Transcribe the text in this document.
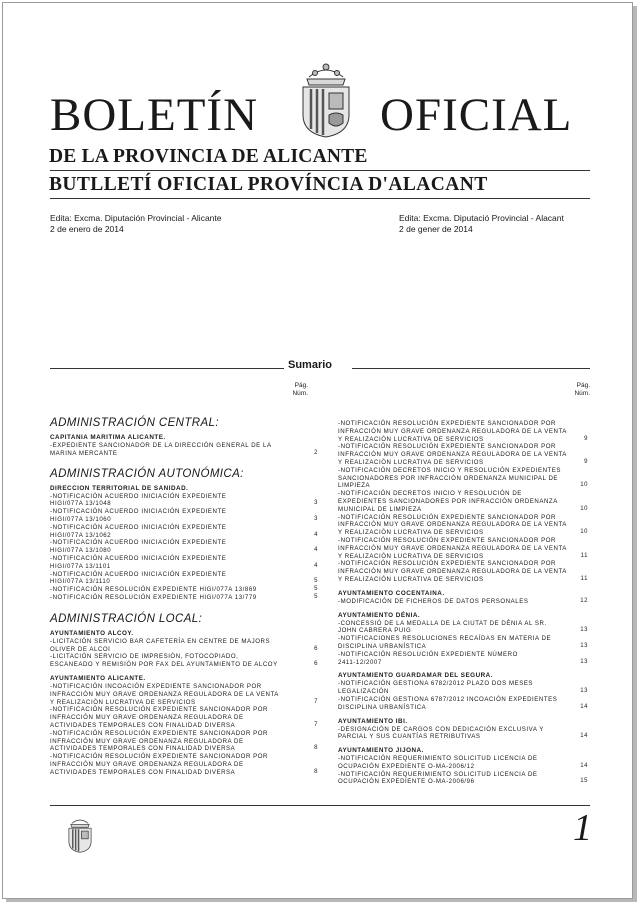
BOLETÍN	OFICIAL
DE LA PROVINCIA DE ALICANTE
BUTLLETÍ OFICIAL PROVÍNCIA D'ALACANT
Edita: Excma. Diputación Provincial - Alicante
2 de enero de 2014
Edita: Excma. Diputació Provincial - Alacant
2 de gener de 2014
Sumario
Pág.
Núm.
Pág.
Núm.
ADMINISTRACIÓN CENTRAL:
CAPITANIA MARITIMA ALICANTE.
-EXPEDIENTE SANCIONADOR DE LA DIRECCIÓN GENERAL DE LA
MARINA MERCANTE	2
ADMINISTRACIÓN AUTONÓMICA:
DIRECCION TERRITORIAL DE SANIDAD.
-NOTIFICACIÓN ACUERDO INICIACIÓN EXPEDIENTE
HIGI/077A 13/1048	3
-NOTIFICACIÓN ACUERDO INICIACIÓN EXPEDIENTE
HIGI/077A 13/1060	3
-NOTIFICACIÓN ACUERDO INICIACIÓN EXPEDIENTE
HIGI/077A 13/1062	4
-NOTIFICACIÓN ACUERDO INICIACIÓN EXPEDIENTE
HIGI/077A 13/1080	4
-NOTIFICACIÓN ACUERDO INICIACIÓN EXPEDIENTE
HIGI/077A 13/1101	4
-NOTIFICACIÓN ACUERDO INICIACIÓN EXPEDIENTE
HIGI/077A 13/1110	5
-NOTIFICACIÓN RESOLUCIÓN EXPEDIENTE HIGI/077A 13/869	5
-NOTIFICACIÓN RESOLUCIÓN EXPEDIENTE HIGI/077A 13/779	5
ADMINISTRACIÓN LOCAL:
AYUNTAMIENTO ALCOY.
-LICITACIÓN SERVICIO BAR CAFETERÍA EN CENTRE DE MAJORS
OLIVER DE ALCOI	6
-LICITACIÓN SERVICIO DE IMPRESIÓN, FOTOCOPIADO,
ESCANEADO Y REMISIÓN POR FAX DEL AYUNTAMIENTO DE ALCOY	6
AYUNTAMIENTO ALICANTE.
-NOTIFICACIÓN INCOACIÓN EXPEDIENTE SANCIONADOR POR
INFRACCIÓN MUY GRAVE ORDENANZA REGULADORA DE LA VENTA
Y REALIZACIÓN LUCRATIVA DE SERVICIOS	7
-NOTIFICACIÓN RESOLUCIÓN EXPEDIENTE SANCIONADOR POR
INFRACCIÓN MUY GRAVE ORDENANZA REGULADORA DE
ACTIVIDADES TEMPORALES CON FINALIDAD DIVERSA	7
-NOTIFICACIÓN RESOLUCIÓN EXPEDIENTE SANCIONADOR POR
INFRACCIÓN MUY GRAVE ORDENANZA REGULADORA DE
ACTIVIDADES TEMPORALES CON FINALIDAD DIVERSA	8
-NOTIFICACIÓN RESOLUCIÓN EXPEDIENTE SANCIONADOR POR
INFRACCIÓN MUY GRAVE ORDENANZA REGULADORA DE
ACTIVIDADES TEMPORALES CON FINALIDAD DIVERSA	8
-NOTIFICACIÓN RESOLUCIÓN EXPEDIENTE SANCIONADOR POR
INFRACCIÓN MUY GRAVE ORDENANZA REGULADORA DE LA VENTA
Y REALIZACIÓN LUCRATIVA DE SERVICIOS	9
-NOTIFICACIÓN RESOLUCIÓN EXPEDIENTE SANCIONADOR POR
INFRACCIÓN MUY GRAVE ORDENANZA REGULADORA DE LA VENTA
Y REALIZACIÓN LUCRATIVA DE SERVICIOS	9
-NOTIFICACIÓN DECRETOS INICIO Y RESOLUCIÓN EXPEDIENTES
SANCIONADORES POR INFRACCIÓN ORDENANZA MUNICIPAL DE
LIMPIEZA	10
-NOTIFICACIÓN DECRETOS INICIO Y RESOLUCIÓN DE
EXPEDIENTES SANCIONADORES POR INFRACCIÓN ORDENANZA
MUNICIPAL DE LIMPIEZA	10
-NOTIFICACIÓN RESOLUCIÓN EXPEDIENTE SANCIONADOR POR
INFRACCIÓN MUY GRAVE ORDENANZA REGULADORA DE LA VENTA
Y REALIZACIÓN LUCRATIVA DE SERVICIOS	10
-NOTIFICACIÓN RESOLUCIÓN EXPEDIENTE SANCIONADOR POR
INFRACCIÓN MUY GRAVE ORDENANZA REGULADORA DE LA VENTA
Y REALIZACIÓN LUCRATIVA DE SERVICIOS	11
-NOTIFICACIÓN RESOLUCIÓN EXPEDIENTE SANCIONADOR POR
INFRACCIÓN MUY GRAVE ORDENANZA REGULADORA DE LA VENTA
Y REALIZACIÓN LUCRATIVA DE SERVICIOS	11
AYUNTAMIENTO COCENTAINA.
-MODIFICACIÓN DE FICHEROS DE DATOS PERSONALES	12
AYUNTAMIENTO DÉNIA.
-CONCESSIÓ DE LA MEDALLA DE LA CIUTAT DE DÉNIA AL SR.
JOHN CABRERA PUIG	13
-NOTIFICACIONES RESOLUCIONES RECAÍDAS EN MATERIA DE
DISCIPLINA URBANÍSTICA	13
-NOTIFICACIÓN RESOLUCIÓN EXPEDIENTE NÚMERO
2411-12/2007	13
AYUNTAMIENTO GUARDAMAR DEL SEGURA.
-NOTIFICACIÓN GESTIONA 6782/2012 PLAZO DOS MESES
LEGALIZACIÓN	13
-NOTIFICACIÓN GESTIONA 6787/2012 INCOACIÓN EXPEDIENTES
DISCIPLINA URBANÍSTICA	14
AYUNTAMIENTO IBI.
-DESIGNACIÓN DE CARGOS CON DEDICACIÓN EXCLUSIVA Y
PARCIAL Y SUS CUANTÍAS RETRIBUTIVAS	14
AYUNTAMIENTO JIJONA.
-NOTIFICACIÓN REQUERIMIENTO SOLICITUD LICENCIA DE
OCUPACIÓN EXPEDIENTE O-MA-2006/12	14
-NOTIFICACIÓN REQUERIMIENTO SOLICITUD LICENCIA DE
OCUPACIÓN EXPEDIENTE O-MA-2006/96	15
1
